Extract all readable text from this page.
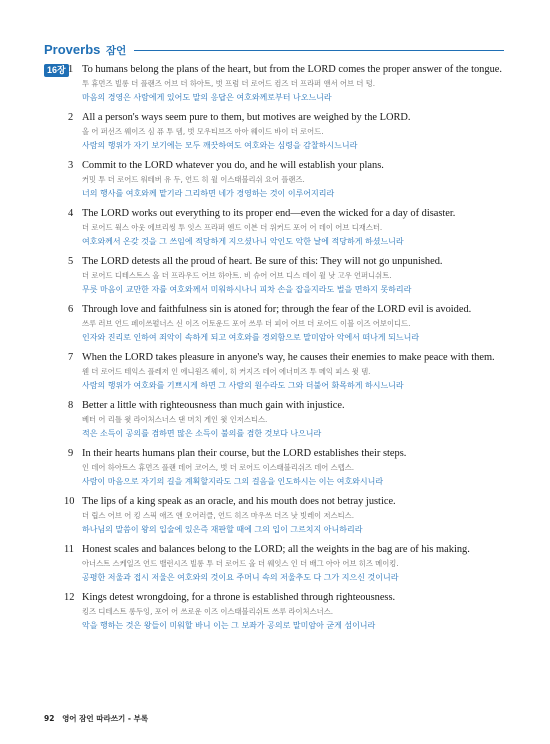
Proverbs 잠언
16장 1 To humans belong the plans of the heart, but from the LORD comes the proper answer of the tongue.

투 휴먼즈 빌롱 더 플랜즈 어브 더 하아트, 벗 프럼 더 로어드 컴즈 더 프라퍼 앤서 어브 더 텅.

마음의 경영은 사람에게 있어도 말의 응답은 여호와께로부터 나오느니라

2 All a person's ways seem pure to them, but motives are weighed by the LORD.

올 어 퍼선즈 웨이즈 심 퓨 투 뎀, 벗 모우티브즈 아아 웨이드 바이 더 로어드.

사람의 행위가 자기 보기에는 모두 깨끗하여도 여호와는 심령을 감찰하시느니라

3 Commit to the LORD whatever you do, and he will establish your plans.

커밋 투 더 로어드 워테버 유 두, 언드 히 윌 이스태블리쉬 요어 플랜즈.

너의 행사를 여호와께 맡기라 그리하면 네가 경영하는 것이 이루어지리라

4 The LORD works out everything to its proper end—even the wicked for a day of disaster.

더 로어드 웍스 아웃 에브리씽 투 잇스 프라퍼 엔드 이븐 더 위커드 포어 어 데이 어브 디재스터.

여호와께서 온갖 것을 그 쓰임에 적당하게 지으셨나니 악인도 악한 날에 적당하게 하셨느니라

5 The LORD detests all the proud of heart. Be sure of this: They will not go unpunished.

더 로어드 디테스트스 올 더 프라우드 어브 하아트. 비 슈어 어브 디스 데이 윌 낫 고우 언퍼니쉬트.

무릇 마음이 교만한 자를 여호와께서 미워하시나니 피차 손을 잡을지라도 벌을 면하지 못하리라

6 Through love and faithfulness sin is atoned for; through the fear of the LORD evil is avoided.

쓰루 러브 언드 페이쓰펄너스 신 이즈 어토운드 포어 쓰루 더 피어 어브 더 로어드 이블 이즈 어보이디드.

인자와 진리로 인하여 죄악이 속하게 되고 여호와를 경외함으로 말미암아 악에서 떠나게 되느니라

7 When the LORD takes pleasure in anyone's way, he causes their enemies to make peace with them.

웬 더 로어드 테익스 플레저 인 에니원즈 웨이, 히 커지즈 데어 에너미즈 투 메익 피스 윗 뎀.

사람의 행위가 여호와를 기쁘시게 하면 그 사람의 원수라도 그와 더불어 화목하게 하시느니라

8 Better a little with righteousness than much gain with injustice.

베터 어 리틀 윗 라이처스너스 댄 머치 게인 윗 인저스티스.

적은 소득이 공의를 겸하면 많은 소득이 불의를 겸한 것보다 나으니라

9 In their hearts humans plan their course, but the LORD establishes their steps.

인 데어 하아트스 휴먼즈 플랜 데어 코어스, 벗 더 로어드 이스태블리쉬즈 데어 스텝스.

사람이 마음으로 자기의 길을 계획할지라도 그의 걸음을 인도하시는 이는 여호와시니라

10 The lips of a king speak as an oracle, and his mouth does not betray justice.

더 립스 어브 어 킹 스픽 애즈 앤 오어러클, 언드 히즈 마우쓰 더즈 낫 빗레이 저스티스.

하나님의 말씀이 왕의 입술에 있은즉 재판할 때에 그의 입이 그르치지 아니하리라

11 Honest scales and balances belong to the LORD; all the weights in the bag are of his making.

아너스트 스케일즈 언드 밸런시즈 빌롱 투 더 로어드 올 더 웨잇스 인 더 배그 아아 어브 히즈 메이킹.

공평한 저울과 접시 저울은 여호와의 것이요 주머니 속의 저울추도 다 그가 지으신 것이니라

12 Kings detest wrongdoing, for a throne is established through righteousness.

킹즈 디테스트 롱두잉, 포어 어 쓰로운 이즈 이스태블리쉬트 쓰루 라이처스너스.

악을 행하는 것은 왕들이 미워할 바니 이는 그 보좌가 공의로 말미암아 굳게 섬이니라

92 영어 잠언 따라쓰기 - 부록
